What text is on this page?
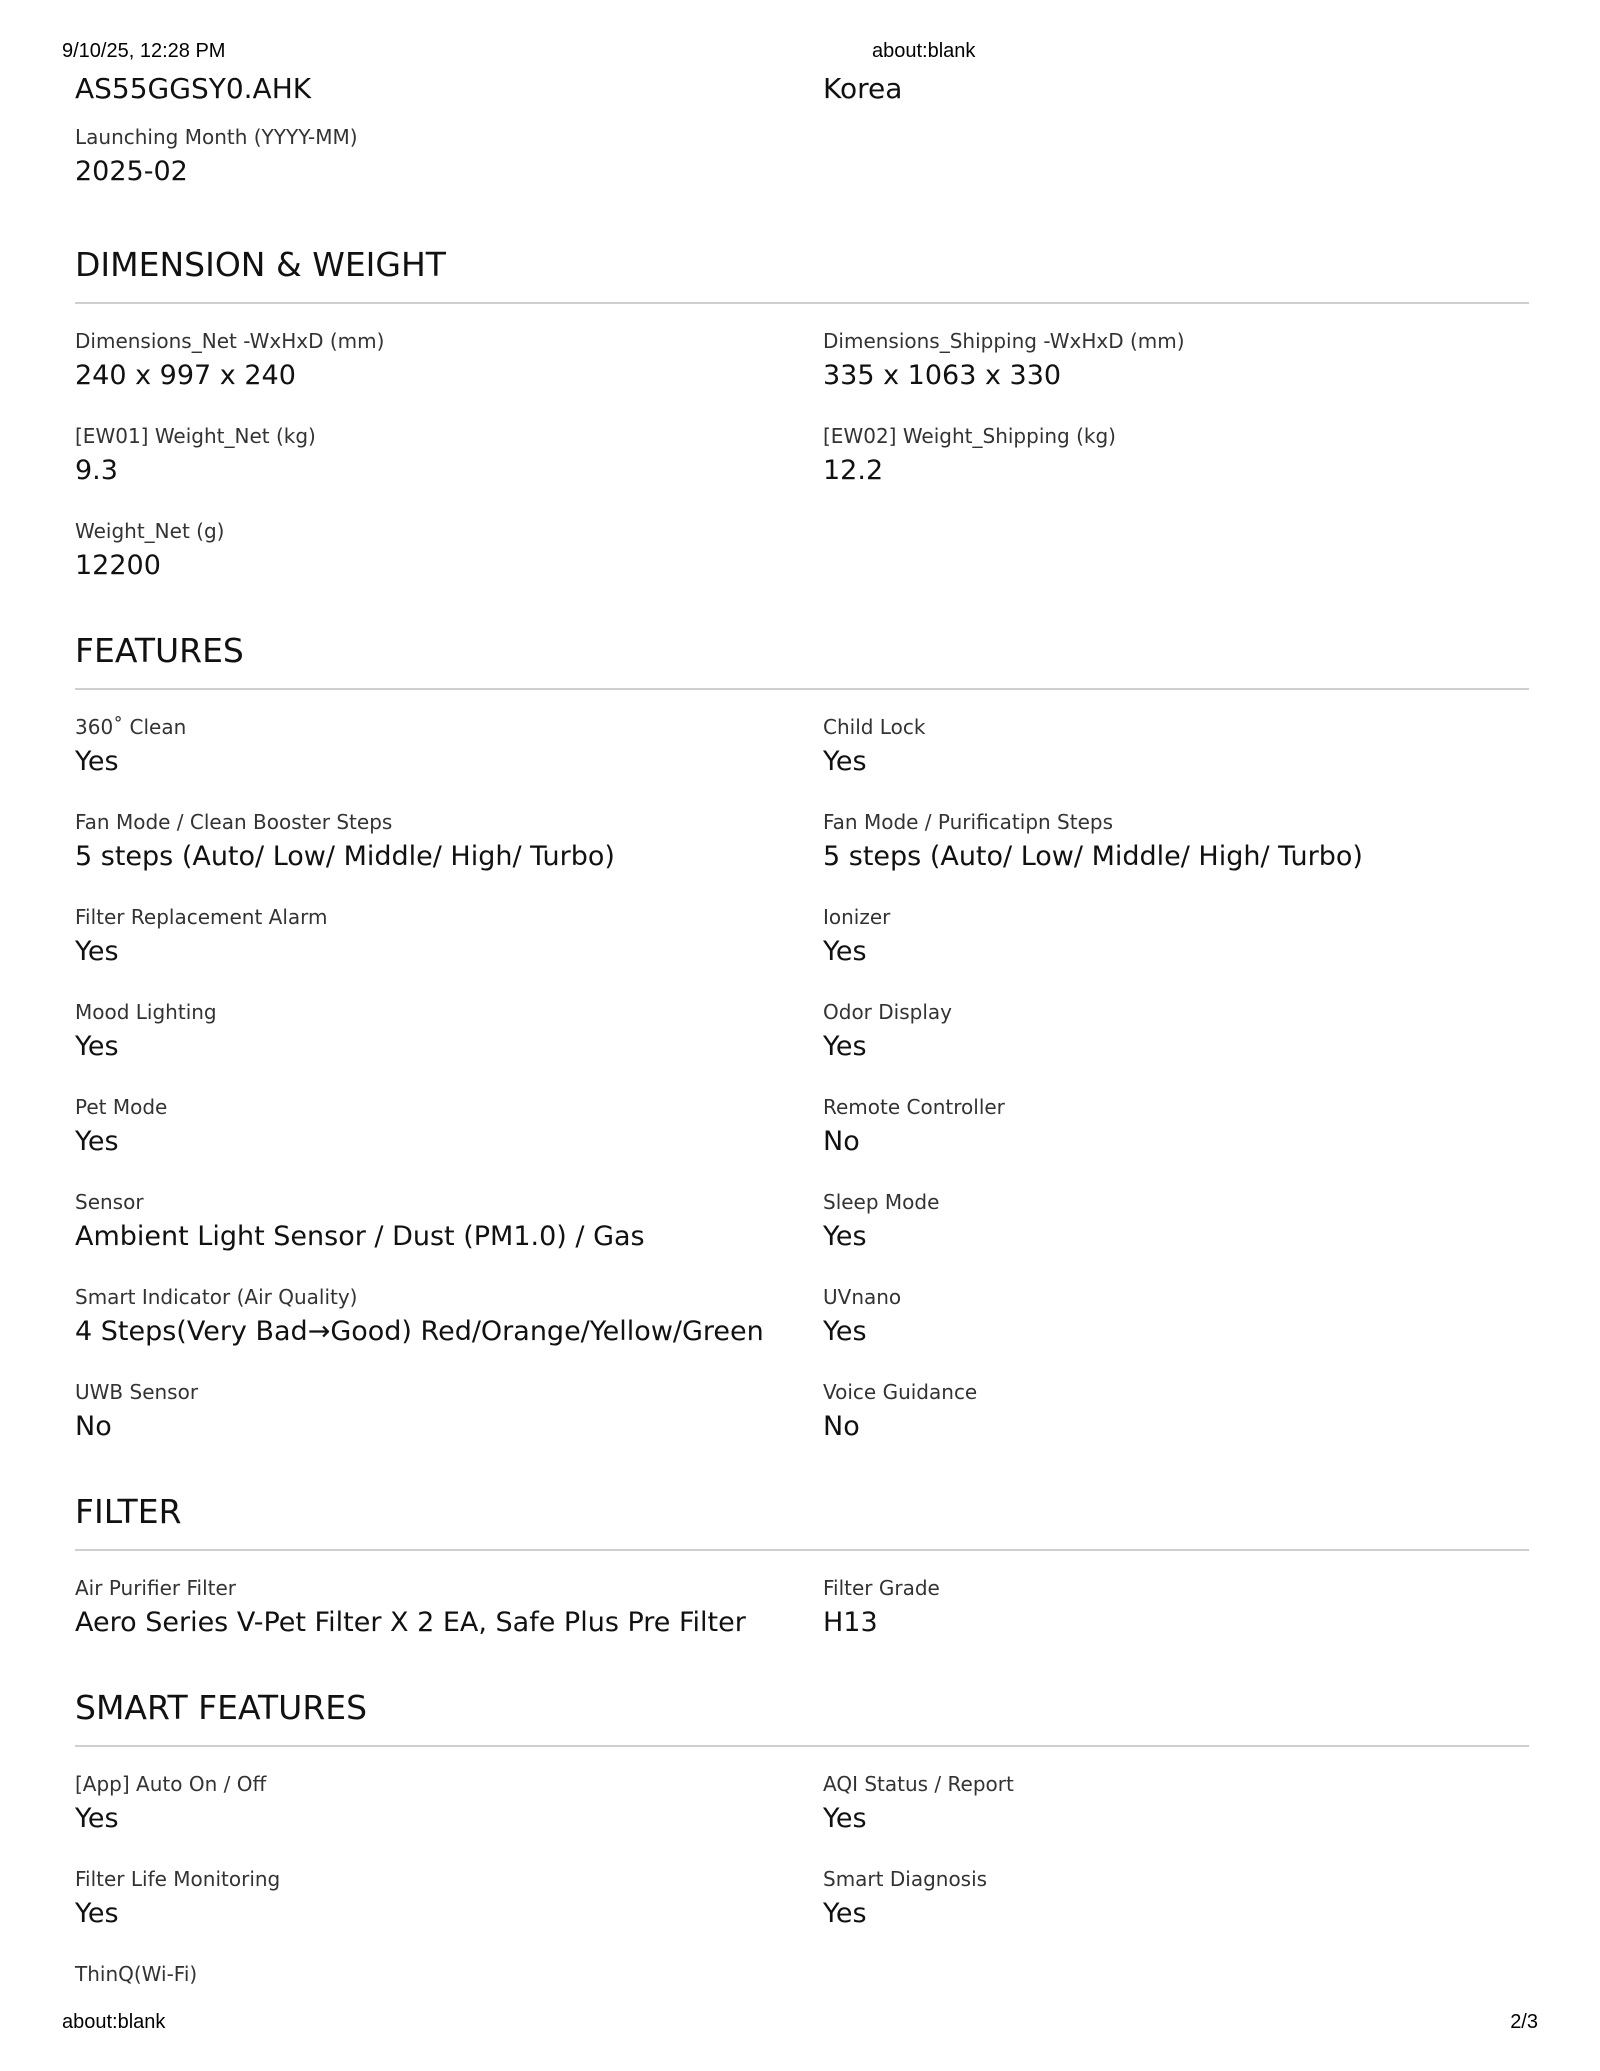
9/10/25, 12:28 PM	about:blank
AS55GGSY0.AHK	Korea
Launching Month (YYYY-MM)
2025-02
DIMENSION & WEIGHT
Dimensions_Net -WxHxD (mm)
240 x 997 x 240
Dimensions_Shipping -WxHxD (mm)
335 x 1063 x 330
[EW01] Weight_Net (kg)
9.3
[EW02] Weight_Shipping (kg)
12.2
Weight_Net (g)
12200
FEATURES
360˚ Clean
Yes
Child Lock
Yes
Fan Mode / Clean Booster Steps
5 steps (Auto/ Low/ Middle/ High/ Turbo)
Fan Mode / Purificatipn Steps
5 steps (Auto/ Low/ Middle/ High/ Turbo)
Filter Replacement Alarm
Yes
Ionizer
Yes
Mood Lighting
Yes
Odor Display
Yes
Pet Mode
Yes
Remote Controller
No
Sensor
Ambient Light Sensor / Dust (PM1.0) / Gas
Sleep Mode
Yes
Smart Indicator (Air Quality)
4 Steps(Very Bad→Good) Red/Orange/Yellow/Green
UVnano
Yes
UWB Sensor
No
Voice Guidance
No
FILTER
Air Purifier Filter
Aero Series V-Pet Filter X 2 EA, Safe Plus Pre Filter
Filter Grade
H13
SMART FEATURES
[App] Auto On / Off
Yes
AQI Status / Report
Yes
Filter Life Monitoring
Yes
Smart Diagnosis
Yes
ThinQ(Wi-Fi)
about:blank	2/3
